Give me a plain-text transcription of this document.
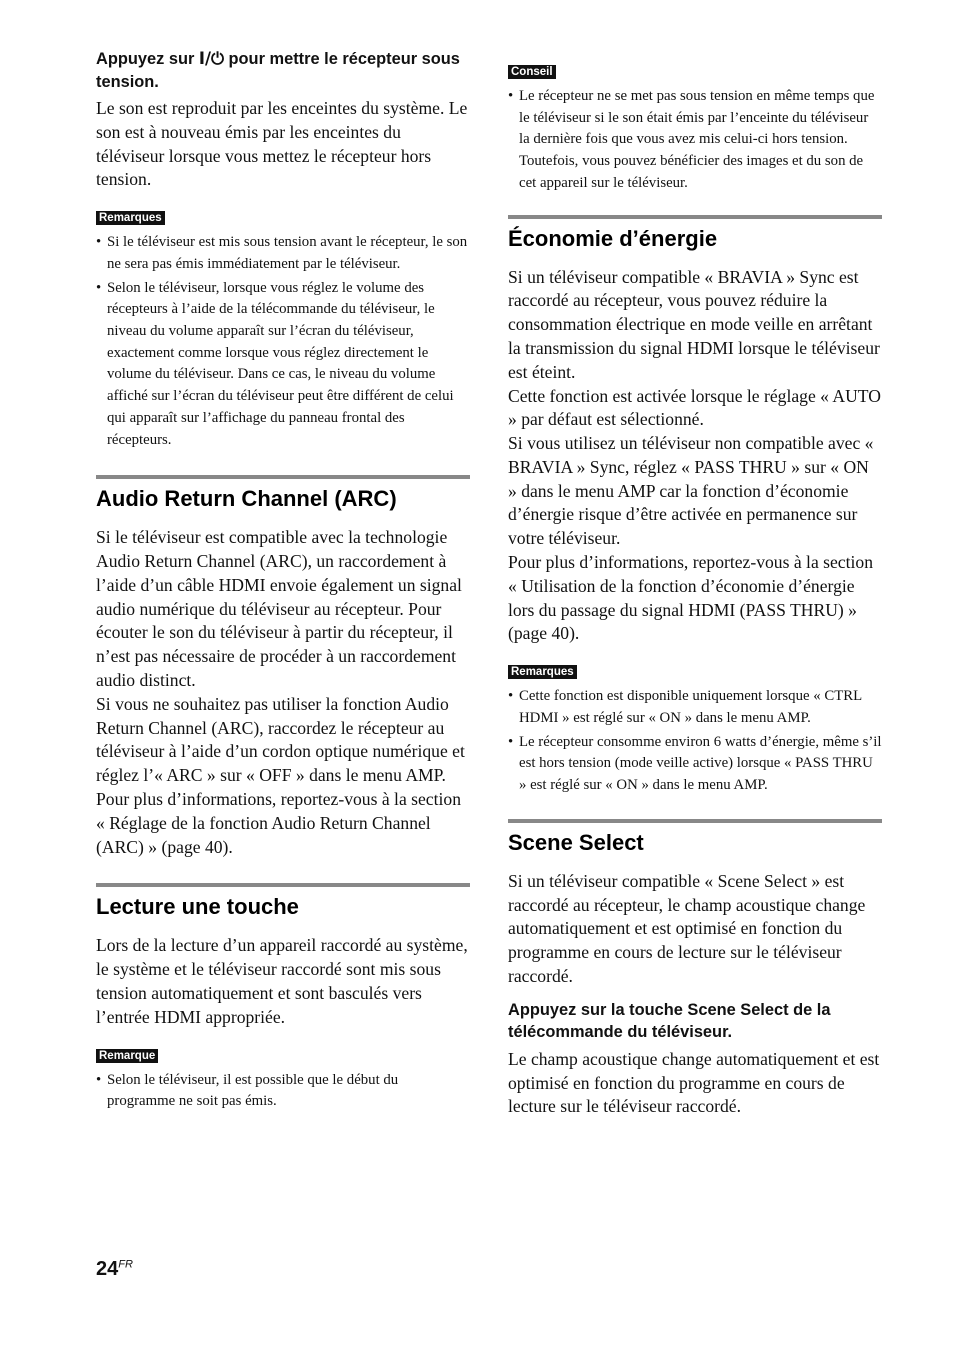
Appuyez sur I/⏻ pour mettre le récepteur sous tension.

Le son est reproduit par les enceintes du système. Le son est à nouveau émis par les enceintes du téléviseur lorsque vous mettez le récepteur hors tension.

Remarques
• Si le téléviseur est mis sous tension avant le récepteur, le son ne sera pas émis immédiatement par le téléviseur.
• Selon le téléviseur, lorsque vous réglez le volume des récepteurs à l’aide de la télécommande du téléviseur, le niveau du volume apparaît sur l’écran du téléviseur, exactement comme lorsque vous réglez directement le volume du téléviseur. Dans ce cas, le niveau du volume affiché sur l’écran du téléviseur peut être différent de celui qui apparaît sur l’affichage du panneau frontal des récepteurs.
Audio Return Channel (ARC)

Si le téléviseur est compatible avec la technologie Audio Return Channel (ARC), un raccordement à l’aide d’un câble HDMI envoie également un signal audio numérique du téléviseur au récepteur. Pour écouter le son du téléviseur à partir du récepteur, il n’est pas nécessaire de procéder à un raccordement audio distinct.

Si vous ne souhaitez pas utiliser la fonction Audio Return Channel (ARC), raccordez le récepteur au téléviseur à l’aide d’un cordon optique numérique et réglez l’« ARC » sur « OFF » dans le menu AMP.

Pour plus d’informations, reportez-vous à la section « Réglage de la fonction Audio Return Channel (ARC) » (page 40).

Lecture une touche

Lors de la lecture d’un appareil raccordé au système, le système et le téléviseur raccordé sont mis sous tension automatiquement et sont basculés vers l’entrée HDMI appropriée.

Remarque
• Selon le téléviseur, il est possible que le début du programme ne soit pas émis.
Conseil
• Le récepteur ne se met pas sous tension en même temps que le téléviseur si le son était émis par l’enceinte du téléviseur la dernière fois que vous avez mis celui-ci hors tension. Toutefois, vous pouvez bénéficier des images et du son de cet appareil sur le téléviseur.
Économie d’énergie

Si un téléviseur compatible « BRAVIA » Sync est raccordé au récepteur, vous pouvez réduire la consommation électrique en mode veille en arrêtant la transmission du signal HDMI lorsque le téléviseur est éteint.

Cette fonction est activée lorsque le réglage « AUTO » par défaut est sélectionné.

Si vous utilisez un téléviseur non compatible avec « BRAVIA » Sync, réglez « PASS THRU » sur « ON » dans le menu AMP car la fonction d’économie d’énergie risque d’être activée en permanence sur votre téléviseur.

Pour plus d’informations, reportez-vous à la section « Utilisation de la fonction d’économie d’énergie lors du passage du signal HDMI (PASS THRU) » (page 40).

Remarques
• Cette fonction est disponible uniquement lorsque « CTRL HDMI » est réglé sur « ON » dans le menu AMP.
• Le récepteur consomme environ 6 watts d’énergie, même s’il est hors tension (mode veille active) lorsque « PASS THRU » est réglé sur « ON » dans le menu AMP.
Scene Select

Si un téléviseur compatible « Scene Select » est raccordé au récepteur, le champ acoustique change automatiquement et est optimisé en fonction du programme en cours de lecture sur le téléviseur raccordé.

Appuyez sur la touche Scene Select de la télécommande du téléviseur.

Le champ acoustique change automatiquement et est optimisé en fonction du programme en cours de lecture sur le téléviseur raccordé.

$24^{FR}$
